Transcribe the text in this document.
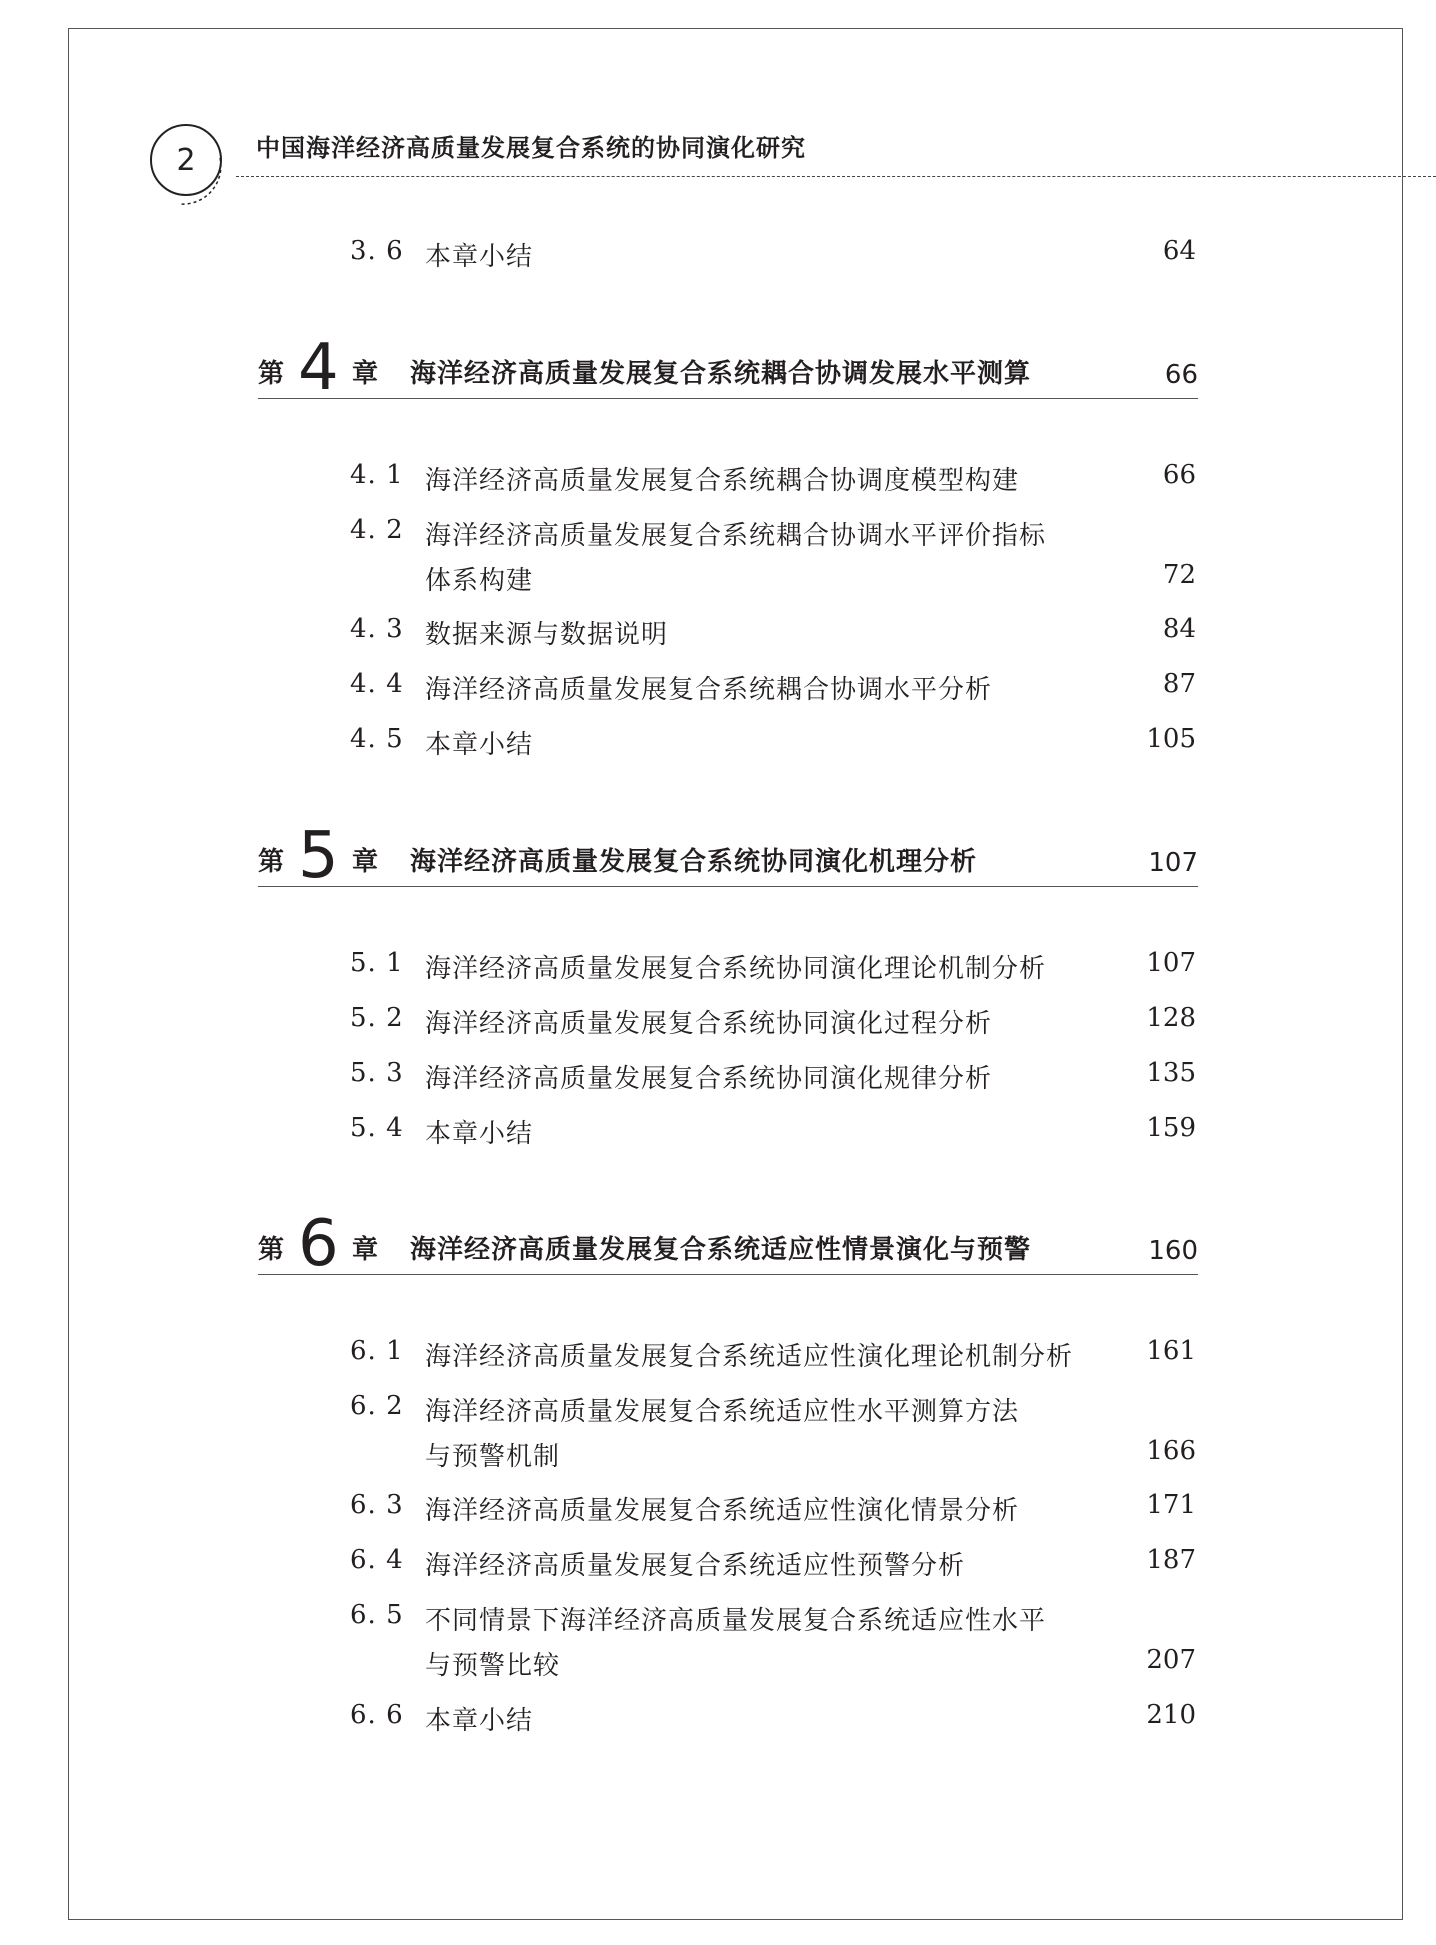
2	中国海洋经济高质量发展复合系统的协同演化研究
3. 6 本章小结	64
第 4 章 海洋经济高质量发展复合系统耦合协调发展水平测算	66
4. 1 海洋经济高质量发展复合系统耦合协调度模型构建	66
4. 2 海洋经济高质量发展复合系统耦合协调水平评价指标
体系构建	72
4. 3 数据来源与数据说明	84
4. 4 海洋经济高质量发展复合系统耦合协调水平分析	87
4. 5 本章小结	105
第 5 章 海洋经济高质量发展复合系统协同演化机理分析	107
5. 1 海洋经济高质量发展复合系统协同演化理论机制分析	107
5. 2 海洋经济高质量发展复合系统协同演化过程分析	128
5. 3 海洋经济高质量发展复合系统协同演化规律分析	135
5. 4 本章小结	159
第 6 章 海洋经济高质量发展复合系统适应性情景演化与预警	160
6. 1 海洋经济高质量发展复合系统适应性演化理论机制分析	161
6. 2 海洋经济高质量发展复合系统适应性水平测算方法
与预警机制	166
6. 3 海洋经济高质量发展复合系统适应性演化情景分析	171
6. 4 海洋经济高质量发展复合系统适应性预警分析	187
6. 5 不同情景下海洋经济高质量发展复合系统适应性水平
与预警比较	207
6. 6 本章小结	210
